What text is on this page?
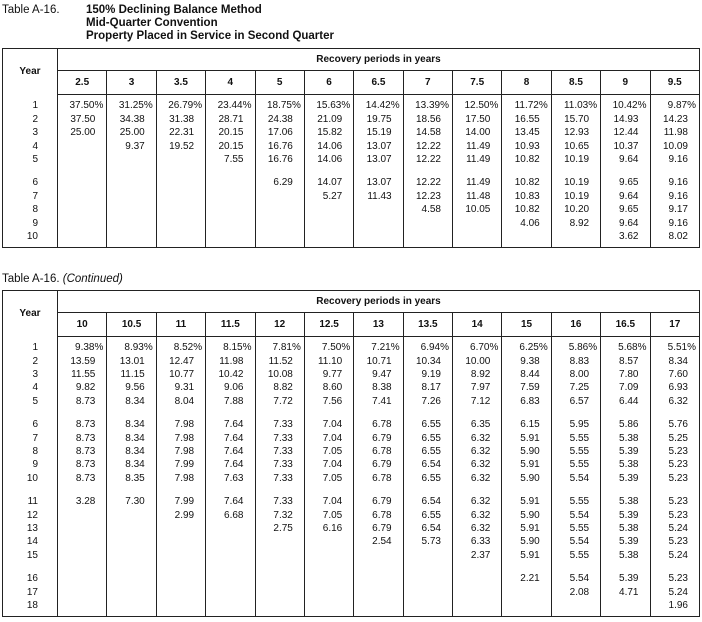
Table A-16.	150% Declining Balance Method
Mid-Quarter Convention
Property Placed in Service in Second Quarter
Year	Recovery periods in years												
	2.5	3	3.5	4	5	6	6.5	7	7.5	8	8.5	9	9.5

1	37.50%	31.25%	26.79%	23.44%	18.75%	15.63%	14.42%	13.39%	12.50%	11.72%	11.03%	10.42%	9.87%
2	37.50	34.38	31.38	28.71	24.38	21.09	19.75	18.56	17.50	16.55	15.70	14.93	14.23
3	25.00	25.00	22.31	20.15	17.06	15.82	15.19	14.58	14.00	13.45	12.93	12.44	11.98
4		9.37	19.52	20.15	16.76	14.06	13.07	12.22	11.49	10.93	10.65	10.37	10.09
5				7.55	16.76	14.06	13.07	12.22	11.49	10.82	10.19	9.64	9.16

6					6.29	14.07	13.07	12.22	11.49	10.82	10.19	9.65	9.16
7						5.27	11.43	12.23	11.48	10.83	10.19	9.64	9.16
8								4.58	10.05	10.82	10.20	9.65	9.17
9										4.06	8.92	9.64	9.16
10												3.62	8.02

Table A-16. (Continued)
Year	Recovery periods in years												
	10	10.5	11	11.5	12	12.5	13	13.5	14	15	16	16.5	17

1	9.38%	8.93%	8.52%	8.15%	7.81%	7.50%	7.21%	6.94%	6.70%	6.25%	5.86%	5.68%	5.51%
2	13.59	13.01	12.47	11.98	11.52	11.10	10.71	10.34	10.00	9.38	8.83	8.57	8.34
3	11.55	11.15	10.77	10.42	10.08	9.77	9.47	9.19	8.92	8.44	8.00	7.80	7.60
4	9.82	9.56	9.31	9.06	8.82	8.60	8.38	8.17	7.97	7.59	7.25	7.09	6.93
5	8.73	8.34	8.04	7.88	7.72	7.56	7.41	7.26	7.12	6.83	6.57	6.44	6.32

6	8.73	8.34	7.98	7.64	7.33	7.04	6.78	6.55	6.35	6.15	5.95	5.86	5.76
7	8.73	8.34	7.98	7.64	7.33	7.04	6.79	6.55	6.32	5.91	5.55	5.38	5.25
8	8.73	8.34	7.98	7.64	7.33	7.05	6.78	6.55	6.32	5.90	5.55	5.39	5.23
9	8.73	8.34	7.99	7.64	7.33	7.04	6.79	6.54	6.32	5.91	5.55	5.38	5.23
10	8.73	8.35	7.98	7.63	7.33	7.05	6.78	6.55	6.32	5.90	5.54	5.39	5.23

11	3.28	7.30	7.99	7.64	7.33	7.04	6.79	6.54	6.32	5.91	5.55	5.38	5.23
12			2.99	6.68	7.32	7.05	6.78	6.55	6.32	5.90	5.54	5.39	5.23
13					2.75	6.16	6.79	6.54	6.32	5.91	5.55	5.38	5.24
14							2.54	5.73	6.33	5.90	5.54	5.39	5.23
15									2.37	5.91	5.55	5.38	5.24

16										2.21	5.54	5.39	5.23
17											2.08	4.71	5.24
18													1.96
